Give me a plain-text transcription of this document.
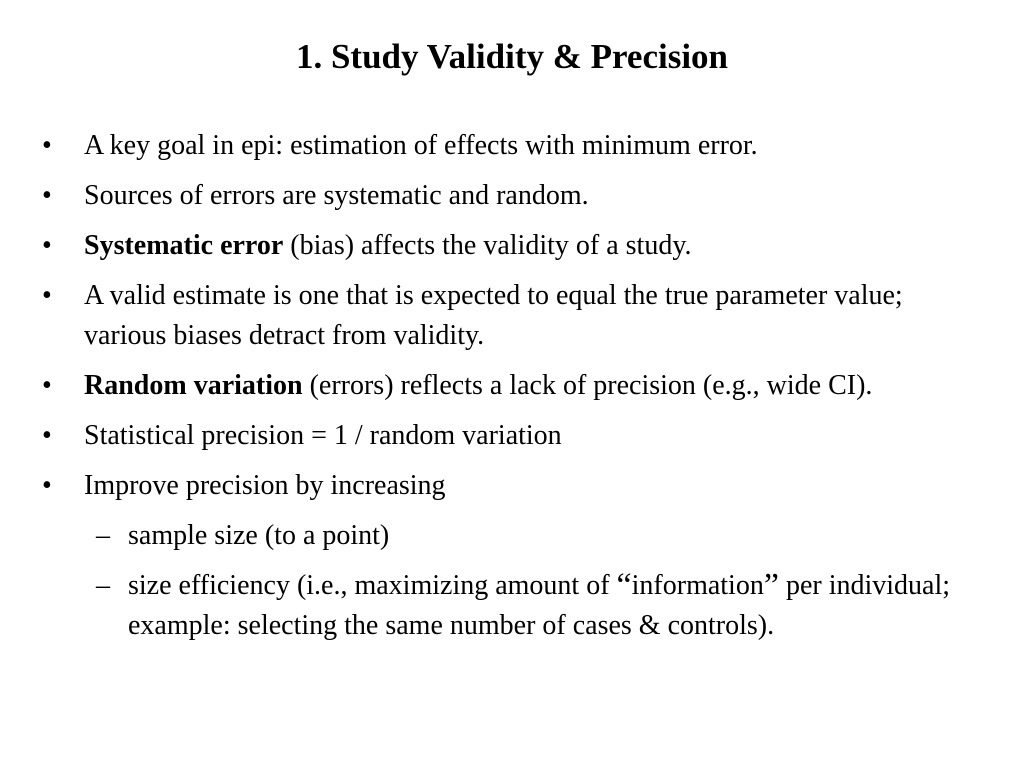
1. Study Validity & Precision
• A key goal in epi: estimation of effects with minimum error.
• Sources of errors are systematic and random.
• Systematic error (bias) affects the validity of a study.
• A valid estimate is one that is expected to equal the true parameter value; various biases detract from validity.
• Random variation (errors) reflects a lack of precision (e.g., wide CI).
• Statistical precision = 1 / random variation
• Improve precision by increasing
– sample size (to a point)
– size efficiency (i.e., maximizing amount of “information” per individual; example: selecting the same number of cases & controls).
